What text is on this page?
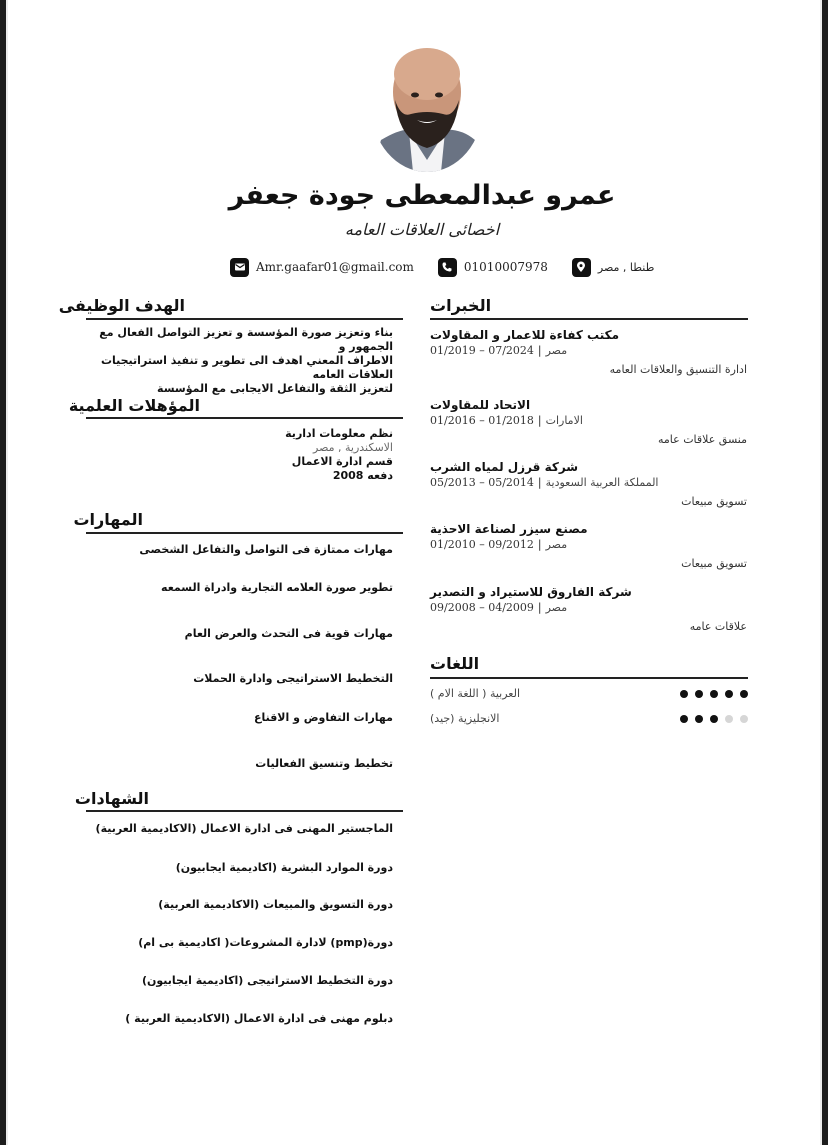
عمرو عبدالمعطى جودة جعفر
اخصائى العلاقات العامه
Amr.gaafar01@gmail.com	01010007978	طنطا , مصر
الهدف الوظيفى
بناء وتعزيز صورة المؤسسة و تعزيز التواصل الفعال مع الجمهور و
الاطراف المعني اهدف الى تطوير و تنفيذ استراتيجيات العلاقات العامه
لتعزيز الثقة والتفاعل الايجابى مع المؤسسة
المؤهلات العلمية
نظم معلومات ادارية
الاسكندرية , مصر
قسم ادارة الاعمال
دفعه 2008
المهارات
مهارات ممتازة فى التواصل والتفاعل الشخصى
تطوير صورة العلامه التجارية وادراة السمعه
مهارات قوية فى التحدث والعرض العام
التخطيط الاستراتيجى وادارة الحملات
مهارات التفاوض و الاقناع
تخطيط وتنسيق الفعاليات
الشهادات
الماجستير المهنى فى ادارة الاعمال (الاكاديمية العربية)
دورة الموارد البشرية (اكاديمية ايجابيون)
دورة التسويق والمبيعات (الاكاديمية العربية)
دورة(pmp) لادارة المشروعات( اكاديمية بى ام)
دورة التخطيط الاستراتيجى (اكاديمية ايجابيون)
دبلوم مهنى فى ادارة الاعمال (الاكاديمية العربية )
الخبرات
مكتب كفاءة للاعمار و المقاولات
01/2019 – 07/2024 | مصر
ادارة التنسيق والعلاقات العامه
الاتحاد للمقاولات
01/2016 – 01/2018 | الامارات
منسق علاقات عامه
شركة قرزل لمياه الشرب
05/2013 – 05/2014 | المملكة العربية السعودية
تسويق مبيعات
مصنع سيزر لصناعة الاحذية
01/2010 – 09/2012 | مصر
تسويق مبيعات
شركة الفاروق للاستيراد و التصدير
09/2008 – 04/2009 | مصر
علاقات عامه
اللغات
العربية ( اللغة الام )
الانجليزية (جيد)
